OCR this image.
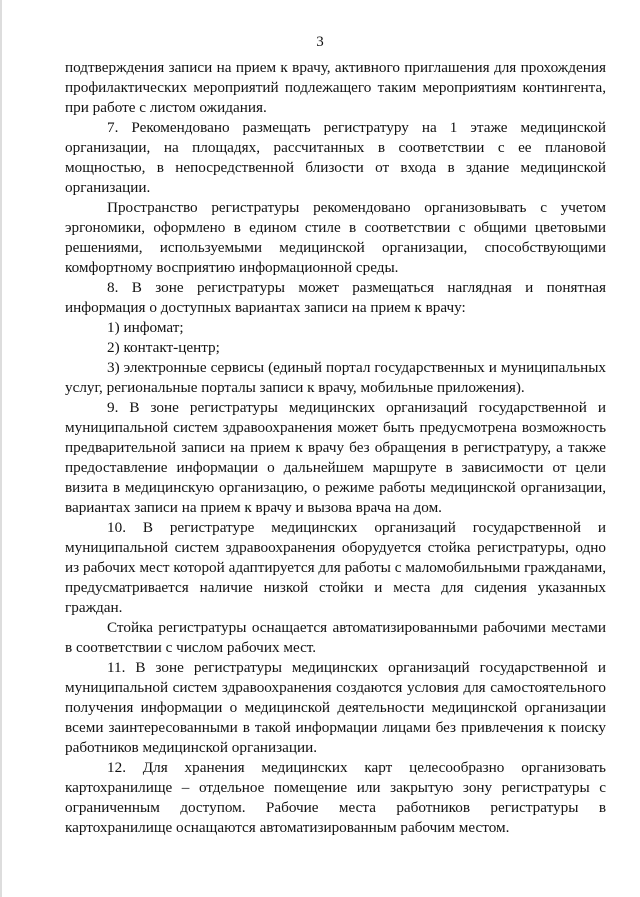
3

подтверждения записи на прием к врачу, активного приглашения для прохождения профилактических мероприятий подлежащего таким мероприятиям контингента, при работе с листом ожидания.

7. Рекомендовано размещать регистратуру на 1 этаже медицинской организации, на площадях, рассчитанных в соответствии с ее плановой мощностью, в непосредственной близости от входа в здание медицинской организации.

Пространство регистратуры рекомендовано организовывать с учетом эргономики, оформлено в едином стиле в соответствии с общими цветовыми решениями, используемыми медицинской организации, способствующими комфортному восприятию информационной среды.

8. В зоне регистратуры может размещаться наглядная и понятная информация о доступных вариантах записи на прием к врачу:

1) инфомат;

2) контакт-центр;

3) электронные сервисы (единый портал государственных и муниципальных услуг, региональные порталы записи к врачу, мобильные приложения).

9. В зоне регистратуры медицинских организаций государственной и муниципальной систем здравоохранения может быть предусмотрена возможность предварительной записи на прием к врачу без обращения в регистратуру, а также предоставление информации о дальнейшем маршруте в зависимости от цели визита в медицинскую организацию, о режиме работы медицинской организации, вариантах записи на прием к врачу и вызова врача на дом.

10. В регистратуре медицинских организаций государственной и муниципальной систем здравоохранения оборудуется стойка регистратуры, одно из рабочих мест которой адаптируется для работы с маломобильными гражданами, предусматривается наличие низкой стойки и места для сидения указанных граждан.

Стойка регистратуры оснащается автоматизированными рабочими местами в соответствии с числом рабочих мест.

11. В зоне регистратуры медицинских организаций государственной и муниципальной систем здравоохранения создаются условия для самостоятельного получения информации о медицинской деятельности медицинской организации всеми заинтересованными в такой информации лицами без привлечения к поиску работников медицинской организации.

12. Для хранения медицинских карт целесообразно организовать картохранилище – отдельное помещение или закрытую зону регистратуры с ограниченным доступом. Рабочие места работников регистратуры в картохранилище оснащаются автоматизированным рабочим местом.
